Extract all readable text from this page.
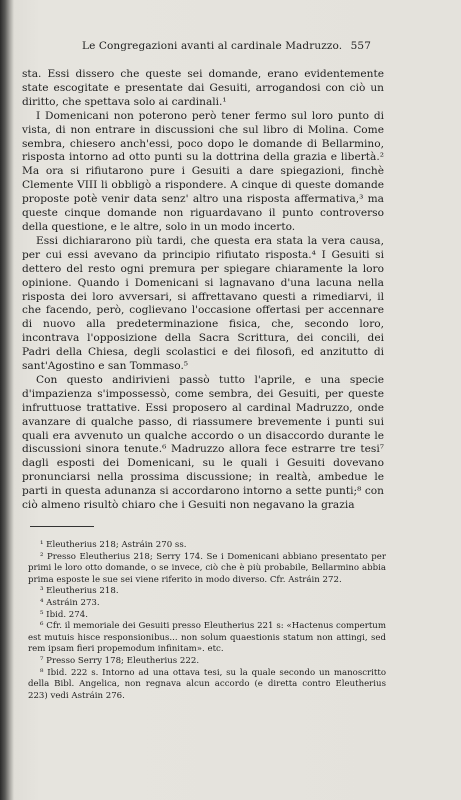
Le Congregazioni avanti al cardinale Madruzzo. 557

sta. Essi dissero che queste sei domande, erano evidentemente state escogitate e presentate dai Gesuiti, arrogandosi con ciò un diritto, che spettava solo ai cardinali.¹

I Domenicani non poterono però tener fermo sul loro punto di vista, di non entrare in discussioni che sul libro di Molina. Come sembra, chiesero anch'essi, poco dopo le domande di Bellarmino, risposta intorno ad otto punti su la dottrina della grazia e libertà.² Ma ora si rifiutarono pure i Gesuiti a dare spiegazioni, finchè Clemente VIII li obbligò a rispondere. A cinque di queste domande proposte potè venir data senz' altro una risposta affermativa,³ ma queste cinque domande non riguardavano il punto controverso della questione, e le altre, solo in un modo incerto.

Essi dichiararono più tardi, che questa era stata la vera causa, per cui essi avevano da principio rifiutato risposta.⁴ I Gesuiti si dettero del resto ogni premura per spiegare chiaramente la loro opinione. Quando i Domenicani si lagnavano d'una lacuna nella risposta dei loro avversari, si affrettavano questi a rimediarvi, il che facendo, però, coglievano l'occasione offertasi per accennare di nuovo alla predeterminazione fisica, che, secondo loro, incontrava l'opposizione della Sacra Scrittura, dei concili, dei Padri della Chiesa, degli scolastici e dei filosofi, ed anzitutto di sant'Agostino e san Tommaso.⁵

Con questo andirivieni passò tutto l'aprile, e una specie d'impazienza s'impossessò, come sembra, dei Gesuiti, per queste infruttuose trattative. Essi proposero al cardinal Madruzzo, onde avanzare di qualche passo, di riassumere brevemente i punti sui quali era avvenuto un qualche accordo o un disaccordo durante le discussioni sinora tenute.⁶ Madruzzo allora fece estrarre tre tesi⁷ dagli esposti dei Domenicani, su le quali i Gesuiti dovevano pronunciarsi nella prossima discussione; in realtà, ambedue le parti in questa adunanza si accordarono intorno a sette punti;⁸ con ciò almeno risultò chiaro che i Gesuiti non negavano la grazia

¹ Eleutherius 218; Astráin 270 ss.
² Presso Eleutherius 218; Serry 174. Se i Domenicani abbiano presentato per primi le loro otto domande, o se invece, ciò che è più probabile, Bellarmino abbia prima esposte le sue sei viene riferito in modo diverso. Cfr. Astráin 272.
³ Eleutherius 218.
⁴ Astráin 273.
⁵ Ibid. 274.
⁶ Cfr. il memoriale dei Gesuiti presso Eleutherius 221 s: «Hactenus compertum est mutuis hisce responsionibus... non solum quaestionis statum non attingi, sed rem ipsam fieri propemodum infinitam». etc.
⁷ Presso Serry 178; Eleutherius 222.
⁸ Ibid. 222 s. Intorno ad una ottava tesi, su la quale secondo un manoscritto della Bibl. Angelica, non regnava alcun accordo (e diretta contro Eleutherius 223) vedi Astráin 276.
